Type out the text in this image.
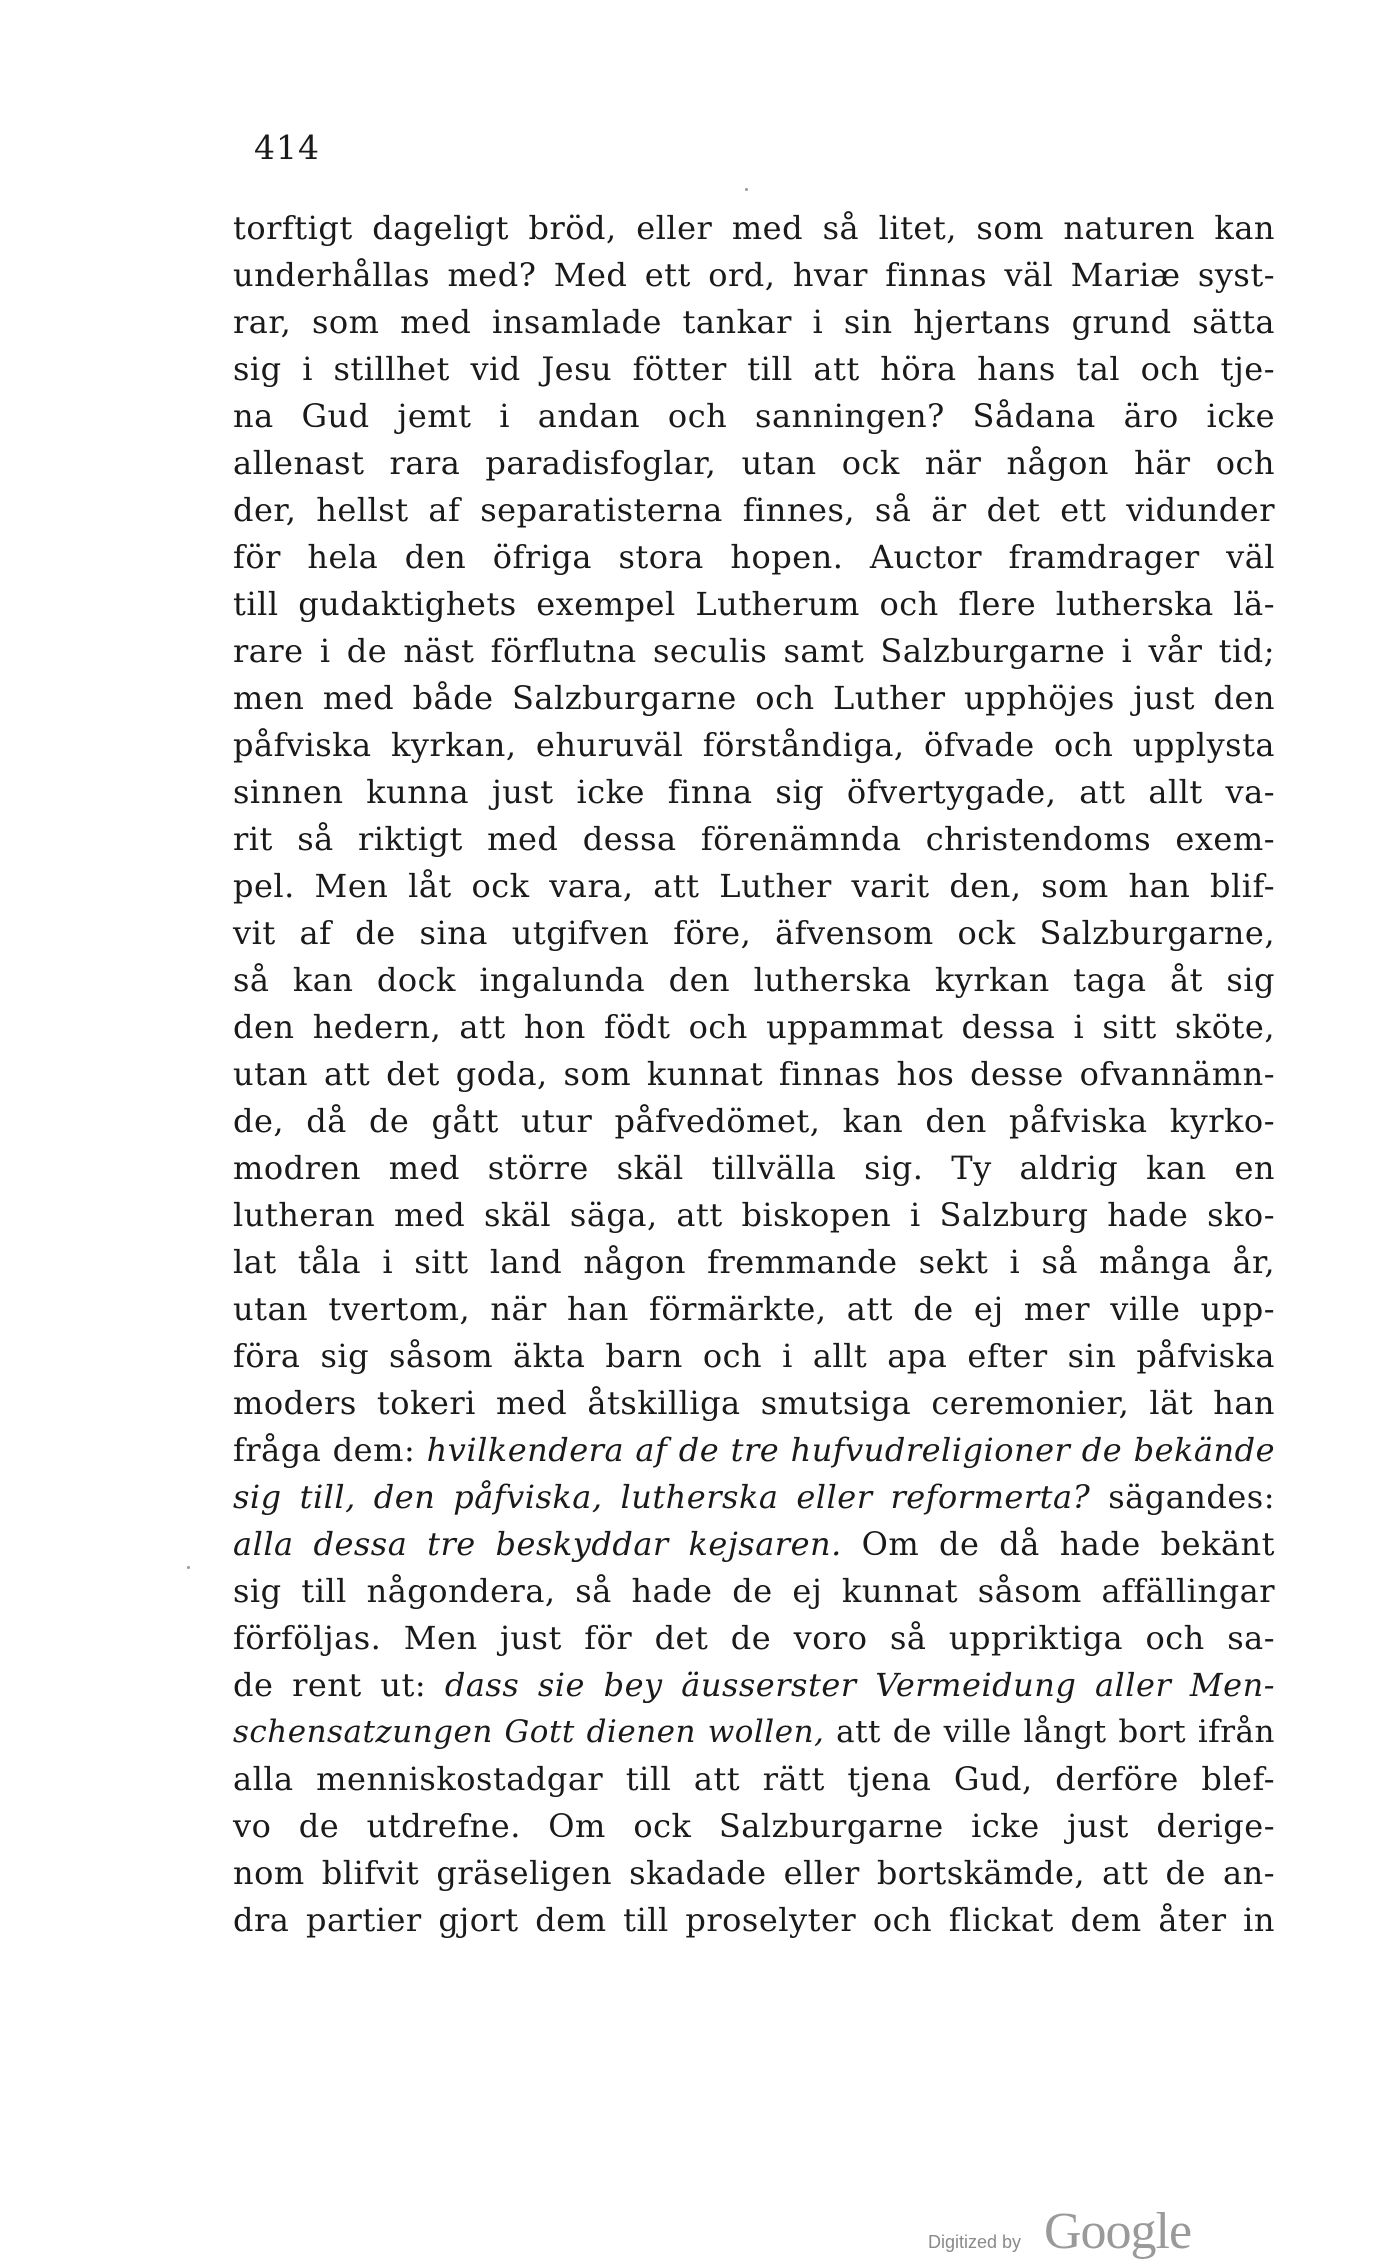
414
torftigt dageligt bröd, eller med så litet, som naturen kan
underhållas med? Med ett ord, hvar finnas väl Mariæ syst-
rar, som med insamlade tankar i sin hjertans grund sätta
sig i stillhet vid Jesu fötter till att höra hans tal och tje-
na Gud jemt i andan och sanningen? Sådana äro icke
allenast rara paradisfoglar, utan ock när någon här och
der, hellst af separatisterna finnes, så är det ett vidunder
för hela den öfriga stora hopen. Auctor framdrager väl
till gudaktighets exempel Lutherum och flere lutherska lä-
rare i de näst förflutna seculis samt Salzburgarne i vår tid;
men med både Salzburgarne och Luther upphöjes just den
påfviska kyrkan, ehuruväl förståndiga, öfvade och upplysta
sinnen kunna just icke finna sig öfvertygade, att allt va-
rit så riktigt med dessa förenämnda christendoms exem-
pel. Men låt ock vara, att Luther varit den, som han blif-
vit af de sina utgifven före, äfvensom ock Salzburgarne,
så kan dock ingalunda den lutherska kyrkan taga åt sig
den hedern, att hon födt och uppammat dessa i sitt sköte,
utan att det goda, som kunnat finnas hos desse ofvannämn-
de, då de gått utur påfvedömet, kan den påfviska kyrko-
modren med större skäl tillvälla sig. Ty aldrig kan en
lutheran med skäl säga, att biskopen i Salzburg hade sko-
lat tåla i sitt land någon fremmande sekt i så många år,
utan tvertom, när han förmärkte, att de ej mer ville upp-
föra sig såsom äkta barn och i allt apa efter sin påfviska
moders tokeri med åtskilliga smutsiga ceremonier, lät han
fråga dem: hvilkendera af de tre hufvudreligioner de bekände
sig till, den påfviska, lutherska eller reformerta? sägandes:
alla dessa tre beskyddar kejsaren. Om de då hade bekänt
sig till någondera, så hade de ej kunnat såsom affällingar
förföljas. Men just för det de voro så uppriktiga och sa-
de rent ut: dass sie bey äusserster Vermeidung aller Men-
schensatzungen Gott dienen wollen, att de ville långt bort ifrån
alla menniskostadgar till att rätt tjena Gud, derföre blef-
vo de utdrefne. Om ock Salzburgarne icke just derige-
nom blifvit gräseligen skadade eller bortskämde, att de an-
dra partier gjort dem till proselyter och flickat dem åter in
Digitized by Google
